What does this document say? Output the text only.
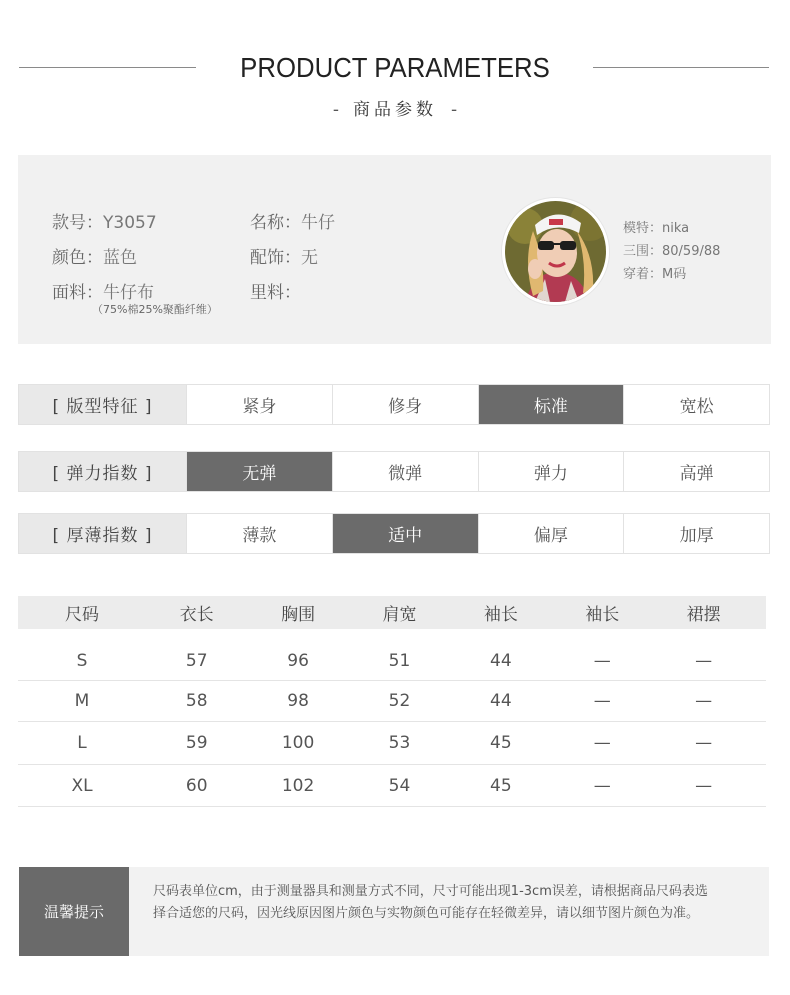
PRODUCT PARAMETERS
- 商品参数 -
款号：Y3057	名称：牛仔
颜色：蓝色	配饰：无
面料：牛仔布	里料：
（75%棉25%聚酯纤维）
模特：nika
三围：80/59/88
穿着：M码
[ 版型特征 ]	紧身	修身	标准	宽松
[ 弹力指数 ]	无弹	微弹	弹力	高弹
[ 厚薄指数 ]	薄款	适中	偏厚	加厚
尺码	衣长	胸围	肩宽	袖长	袖长	裙摆
S	57	96	51	44	—	—
M	58	98	52	44	—	—
L	59	100	53	45	—	—
XL	60	102	54	45	—	—
温馨提示
尺码表单位cm，由于测量器具和测量方式不同，尺寸可能出现1-3cm误差，请根据商品尺码表选择合适您的尺码，因光线原因图片颜色与实物颜色可能存在轻微差异，请以细节图片颜色为准。
